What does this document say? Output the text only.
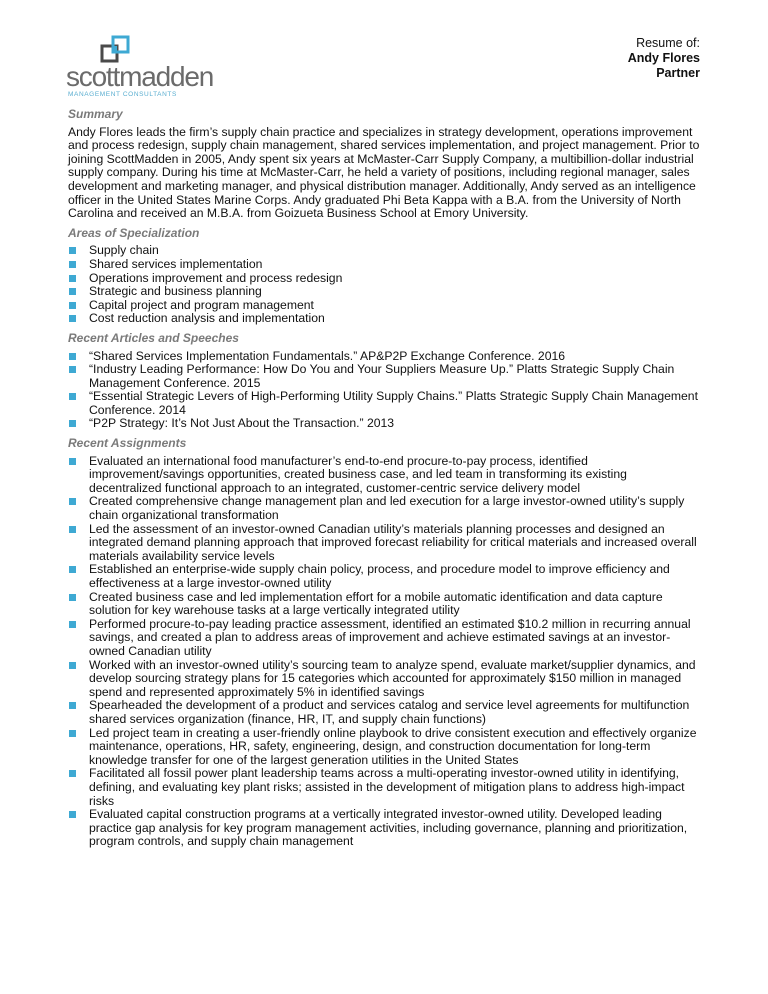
scottmadden
MANAGEMENT CONSULTANTS
Resume of:
Andy Flores
Partner
Summary
Andy Flores leads the firm’s supply chain practice and specializes in strategy development, operations improvement and process redesign, supply chain management, shared services implementation, and project management. Prior to joining ScottMadden in 2005, Andy spent six years at McMaster-Carr Supply Company, a multibillion-dollar industrial supply company. During his time at McMaster-Carr, he held a variety of positions, including regional manager, sales development and marketing manager, and physical distribution manager. Additionally, Andy served as an intelligence officer in the United States Marine Corps. Andy graduated Phi Beta Kappa with a B.A. from the University of North Carolina and received an M.B.A. from Goizueta Business School at Emory University.
Areas of Specialization
Supply chain
Shared services implementation
Operations improvement and process redesign
Strategic and business planning
Capital project and program management
Cost reduction analysis and implementation
Recent Articles and Speeches
“Shared Services Implementation Fundamentals.” AP&P2P Exchange Conference. 2016
“Industry Leading Performance: How Do You and Your Suppliers Measure Up.” Platts Strategic Supply Chain Management Conference. 2015
“Essential Strategic Levers of High-Performing Utility Supply Chains.” Platts Strategic Supply Chain Management Conference. 2014
“P2P Strategy: It’s Not Just About the Transaction.” 2013
Recent Assignments
Evaluated an international food manufacturer’s end-to-end procure-to-pay process, identified improvement/savings opportunities, created business case, and led team in transforming its existing decentralized functional approach to an integrated, customer-centric service delivery model
Created comprehensive change management plan and led execution for a large investor-owned utility’s supply chain organizational transformation
Led the assessment of an investor-owned Canadian utility’s materials planning processes and designed an integrated demand planning approach that improved forecast reliability for critical materials and increased overall materials availability service levels
Established an enterprise-wide supply chain policy, process, and procedure model to improve efficiency and effectiveness at a large investor-owned utility
Created business case and led implementation effort for a mobile automatic identification and data capture solution for key warehouse tasks at a large vertically integrated utility
Performed procure-to-pay leading practice assessment, identified an estimated $10.2 million in recurring annual savings, and created a plan to address areas of improvement and achieve estimated savings at an investor-owned Canadian utility
Worked with an investor-owned utility’s sourcing team to analyze spend, evaluate market/supplier dynamics, and develop sourcing strategy plans for 15 categories which accounted for approximately $150 million in managed spend and represented approximately 5% in identified savings
Spearheaded the development of a product and services catalog and service level agreements for multifunction shared services organization (finance, HR, IT, and supply chain functions)
Led project team in creating a user-friendly online playbook to drive consistent execution and effectively organize maintenance, operations, HR, safety, engineering, design, and construction documentation for long-term knowledge transfer for one of the largest generation utilities in the United States
Facilitated all fossil power plant leadership teams across a multi-operating investor-owned utility in identifying, defining, and evaluating key plant risks; assisted in the development of mitigation plans to address high-impact risks
Evaluated capital construction programs at a vertically integrated investor-owned utility. Developed leading practice gap analysis for key program management activities, including governance, planning and prioritization, program controls, and supply chain management
